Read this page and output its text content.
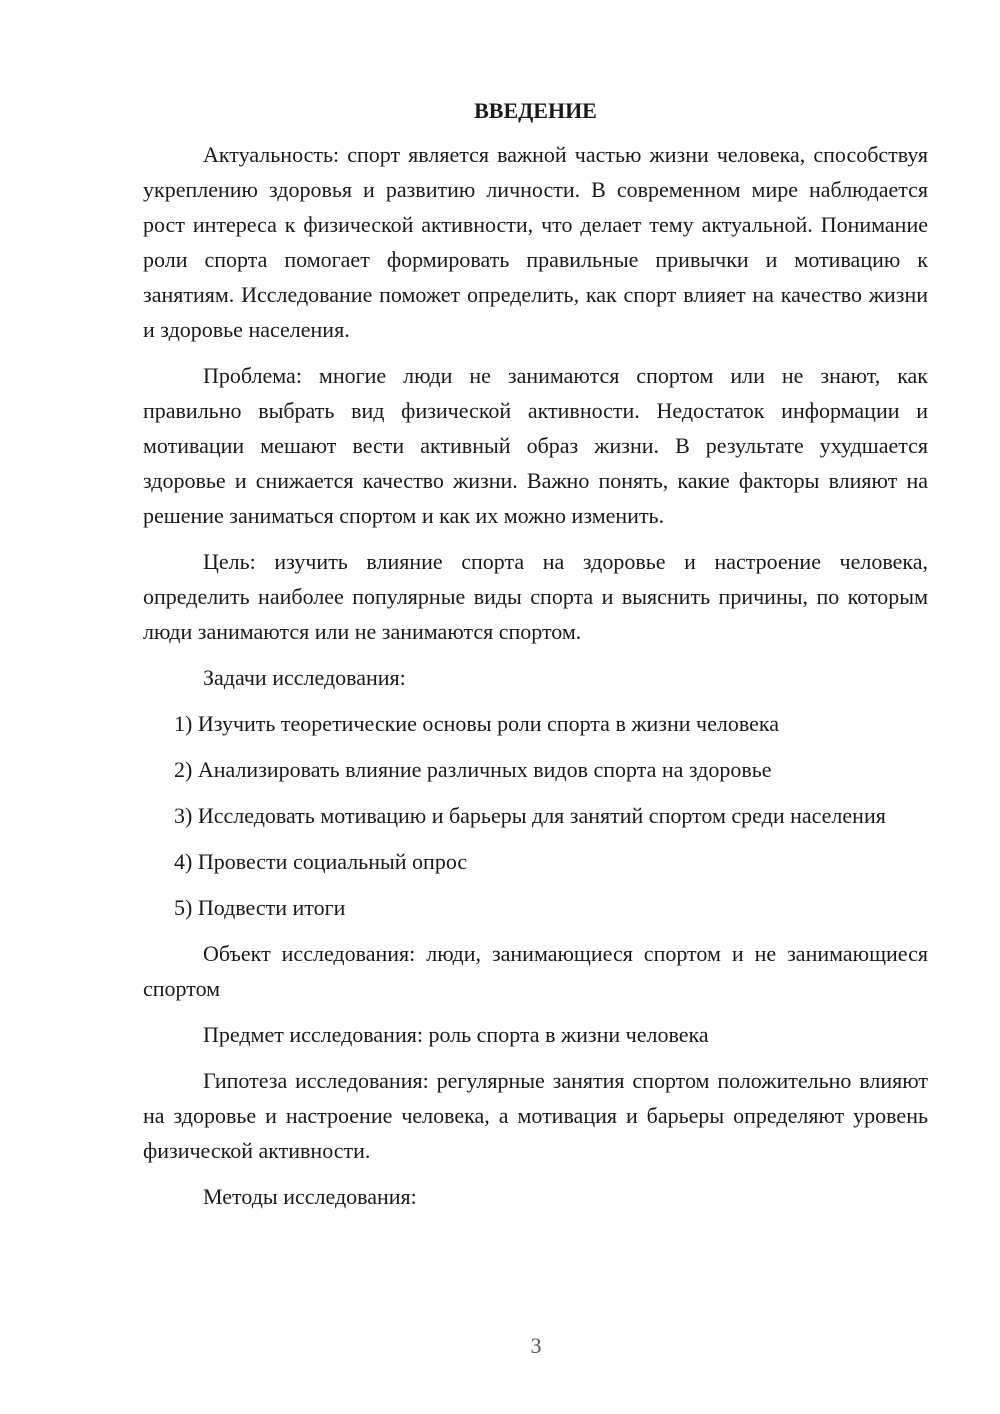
ВВЕДЕНИЕ

Актуальность: спорт является важной частью жизни человека, способствуя укреплению здоровья и развитию личности. В современном мире наблюдается рост интереса к физической активности, что делает тему актуальной. Понимание роли спорта помогает формировать правильные привычки и мотивацию к занятиям. Исследование поможет определить, как спорт влияет на качество жизни и здоровье населения.

Проблема: многие люди не занимаются спортом или не знают, как правильно выбрать вид физической активности. Недостаток информации и мотивации мешают вести активный образ жизни. В результате ухудшается здоровье и снижается качество жизни. Важно понять, какие факторы влияют на решение заниматься спортом и как их можно изменить.

Цель: изучить влияние спорта на здоровье и настроение человека, определить наиболее популярные виды спорта и выяснить причины, по которым люди занимаются или не занимаются спортом.

Задачи исследования:

1) Изучить теоретические основы роли спорта в жизни человека

2) Анализировать влияние различных видов спорта на здоровье

3) Исследовать мотивацию и барьеры для занятий спортом среди населения

4) Провести социальный опрос

5) Подвести итоги

Объект исследования: люди, занимающиеся спортом и не занимающиеся спортом

Предмет исследования: роль спорта в жизни человека

Гипотеза исследования: регулярные занятия спортом положительно влияют на здоровье и настроение человека, а мотивация и барьеры определяют уровень физической активности.

Методы исследования:

3
